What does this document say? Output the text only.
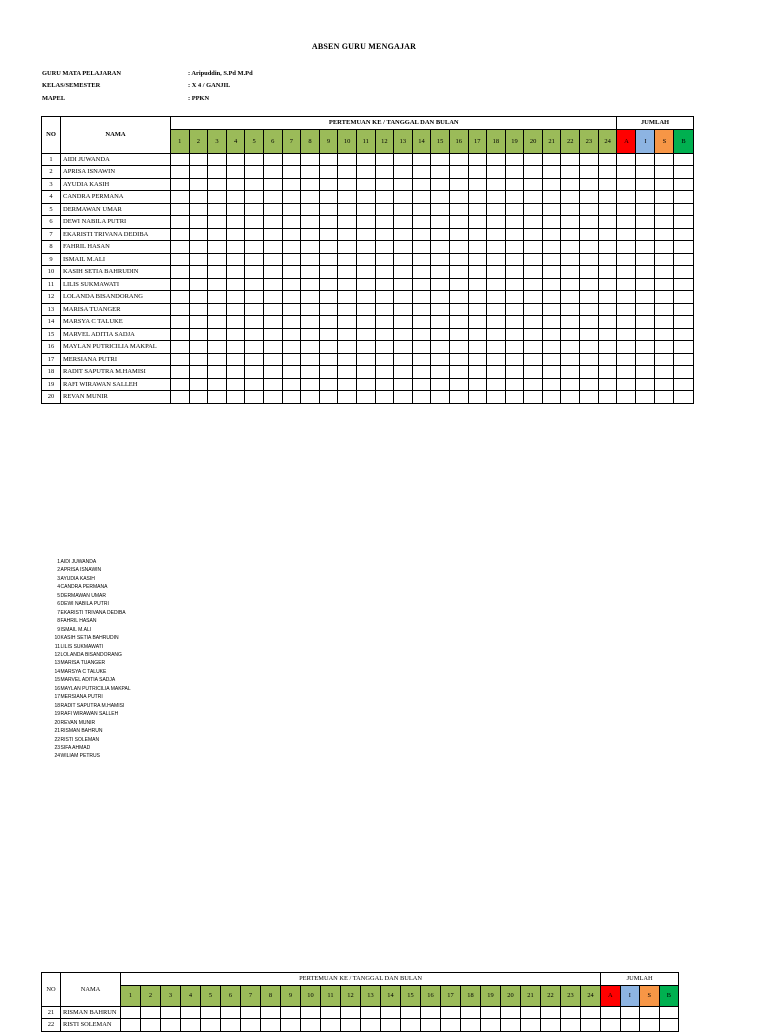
ABSEN GURU MENGAJAR
GURU MATA PELAJARAN	: Aripuddin, S.Pd M.Pd
KELAS/SEMESTER	: X 4 / GANJIL
MAPEL	: PPKN
NO	NAMA	PERTEMUAN KE / TANGGAL DAN BULAN																								JUMLAH			
		1	2	3	4	5	6	7	8	9	10	11	12	13	14	15	16	17	18	19	20	21	22	23	24	A	I	S	B
1	AIDI JUWANDA																												
2	APRISA ISNAWIN																												
3	AYUDIA KASIH																												
4	CANDRA PERMANA																												
5	DERMAWAN UMAR																												
6	DEWI NABILA PUTRI																												
7	EKARISTI TRIVANA DEDIBA																												
8	FAHRIL HASAN																												
9	ISMAIL M.ALI																												
10	KASIH SETIA BAHRUDIN																												
11	LILIS SUKMAWATI																												
12	LOLANDA BISANDORANG																												
13	MARISA TUANGER																												
14	MARSYA C TALUKE																												
15	MARVEL ADITIA SADJA																												
16	MAYLAN PUTRICILIA MAKPAL																												
17	MERSIANA PUTRI																												
18	RADIT SAPUTRA M.HAMISI																												
19	RAFI WIRAWAN SALLEH																												
20	REVAN MUNIR																												
1 AIDI JUWANDA
2 APRISA ISNAWIN
3 AYUDIA KASIH
4 CANDRA PERMANA
5 DERMAWAN UMAR
6 DEWI NABILA PUTRI
7 EKARISTI TRIVANA DEDIBA
8 FAHRIL HASAN
9 ISMAIL M.ALI
10 KASIH SETIA BAHRUDIN
11 LILIS SUKMAWATI
12 LOLANDA BISANDORANG
13 MARISA TUANGER
14 MARSYA C TALUKE
15 MARVEL ADITIA SADJA
16 MAYLAN PUTRICILIA MAKPAL
17 MERSIANA PUTRI
18 RADIT SAPUTRA M.HAMISI
19 RAFI WIRAWAN SALLEH
20 REVAN MUNIR
21 RISMAN BAHRUN
22 RISTI SOLEMAN
23 SIFA AHMAD
24 WILIAM PETRUS
NO	NAMA	PERTEMUAN KE / TANGGAL DAN BULAN																								JUMLAH			
		1	2	3	4	5	6	7	8	9	10	11	12	13	14	15	16	17	18	19	20	21	22	23	24	A	I	S	B
21	RISMAN BAHRUN																												
22	RISTI SOLEMAN																												
